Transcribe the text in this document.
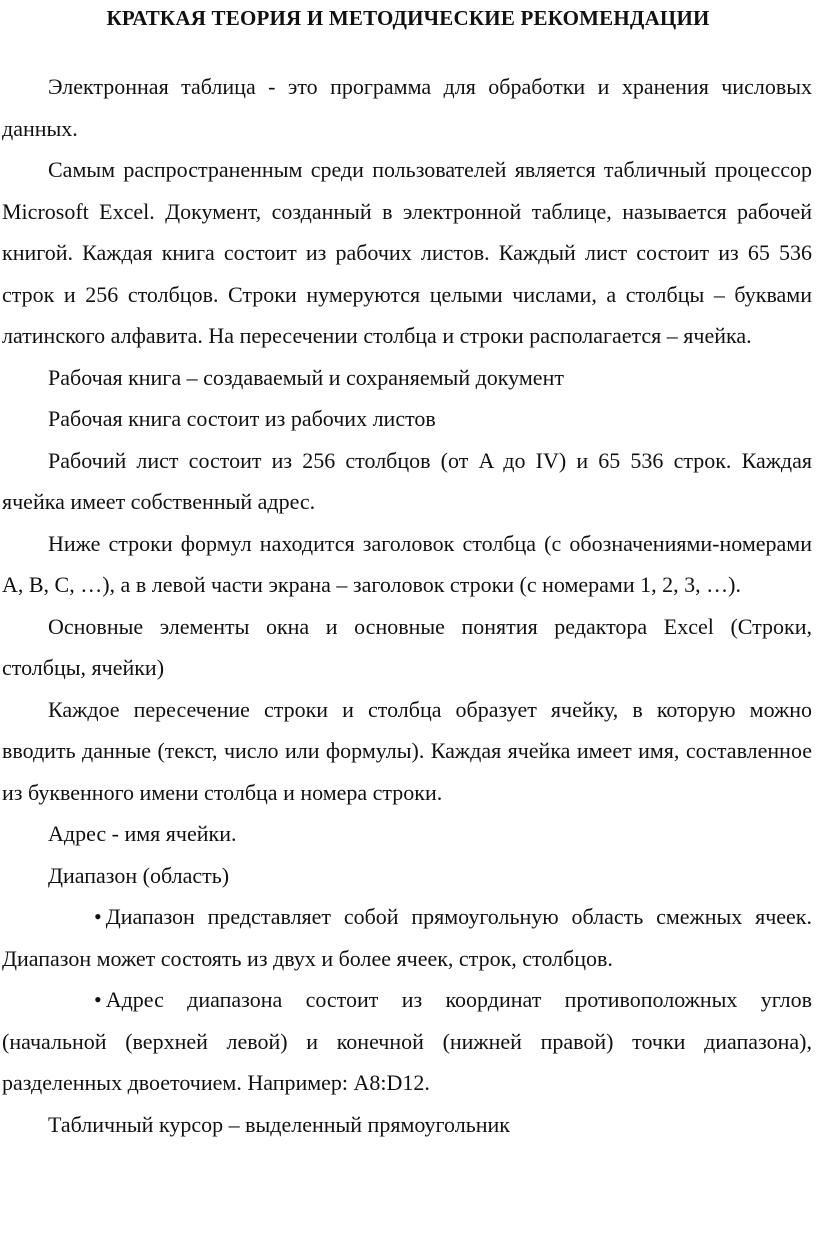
КРАТКАЯ ТЕОРИЯ И МЕТОДИЧЕСКИЕ РЕКОМЕНДАЦИИ

Электронная таблица - это программа для обработки и хранения числовых данных.

Самым распространенным среди пользователей является табличный процессор Microsoft Excel. Документ, созданный в электронной таблице, называется рабочей книгой. Каждая книга состоит из рабочих листов. Каждый лист состоит из 65 536 строк и 256 столбцов. Строки нумеруются целыми числами, а столбцы – буквами латинского алфавита. На пересечении столбца и строки располагается – ячейка.

Рабочая книга – создаваемый и сохраняемый документ

Рабочая книга состоит из рабочих листов

Рабочий лист состоит из 256 столбцов (от A до IV) и 65 536 строк. Каждая ячейка имеет собственный адрес.

Ниже строки формул находится заголовок столбца (с обозначениями-номерами A, B, C, …), а в левой части экрана – заголовок строки (с номерами 1, 2, 3, …).

Основные элементы окна и основные понятия редактора Excel (Строки, столбцы, ячейки)

Каждое пересечение строки и столбца образует ячейку, в которую можно вводить данные (текст, число или формулы). Каждая ячейка имеет имя, составленное из буквенного имени столбца и номера строки.

Адрес - имя ячейки.

Диапазон (область)

• Диапазон представляет собой прямоугольную область смежных ячеек. Диапазон может состоять из двух и более ячеек, строк, столбцов.

• Адрес диапазона состоит из координат противоположных углов (начальной (верхней левой) и конечной (нижней правой) точки диапазона), разделенных двоеточием. Например: A8:D12.

Табличный курсор – выделенный прямоугольник
